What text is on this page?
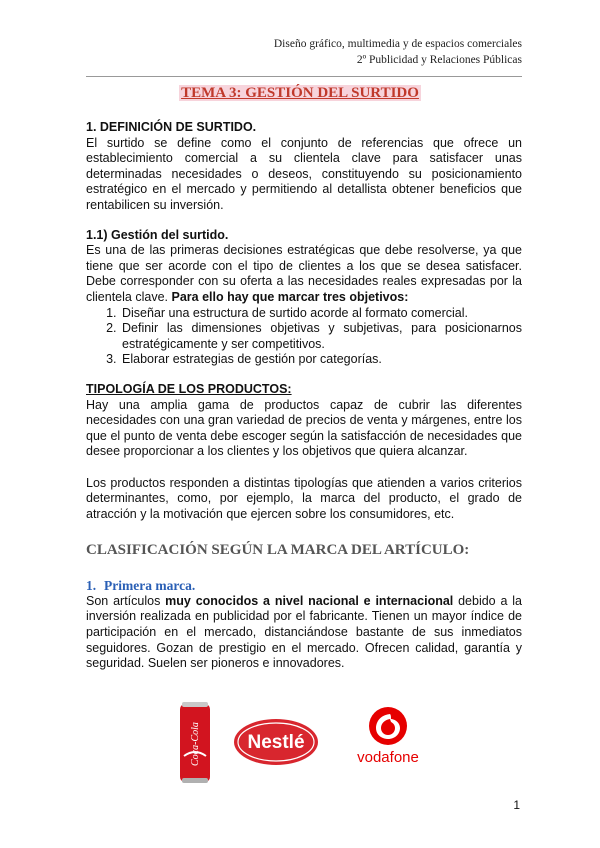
Diseño gráfico, multimedia y de espacios comerciales
2º Publicidad y Relaciones Públicas
TEMA 3: GESTIÓN DEL SURTIDO

1. DEFINICIÓN DE SURTIDO.

El surtido se define como el conjunto de referencias que ofrece un establecimiento comercial a su clientela clave para satisfacer unas determinadas necesidades o deseos, constituyendo su posicionamiento estratégico en el mercado y permitiendo al detallista obtener beneficios que rentabilicen su inversión.

1.1) Gestión del surtido.

Es una de las primeras decisiones estratégicas que debe resolverse, ya que tiene que ser acorde con el tipo de clientes a los que se desea satisfacer. Debe corresponder con su oferta a las necesidades reales expresadas por la clientela clave. Para ello hay que marcar tres objetivos:

1. Diseñar una estructura de surtido acorde al formato comercial.
2. Definir las dimensiones objetivas y subjetivas, para posicionarnos estratégicamente y ser competitivos.
3. Elaborar estrategias de gestión por categorías.

TIPOLOGÍA DE LOS PRODUCTOS:

Hay una amplia gama de productos capaz de cubrir las diferentes necesidades con una gran variedad de precios de venta y márgenes, entre los que el punto de venta debe escoger según la satisfacción de necesidades que desee proporcionar a los clientes y los objetivos que quiera alcanzar.

Los productos responden a distintas tipologías que atienden a varios criterios determinantes, como, por ejemplo, la marca del producto, el grado de atracción y la motivación que ejercen sobre los consumidores, etc.

CLASIFICACIÓN SEGÚN LA MARCA DEL ARTÍCULO:

1. Primera marca.

Son artículos muy conocidos a nivel nacional e internacional debido a la inversión realizada en publicidad por el fabricante. Tienen un mayor índice de participación en el mercado, distanciándose bastante de sus inmediatos seguidores. Gozan de prestigio en el mercado. Ofrecen calidad, garantía y seguridad. Suelen ser pioneros e innovadores.

Coca-Cola Nestlé
vodafone
1
